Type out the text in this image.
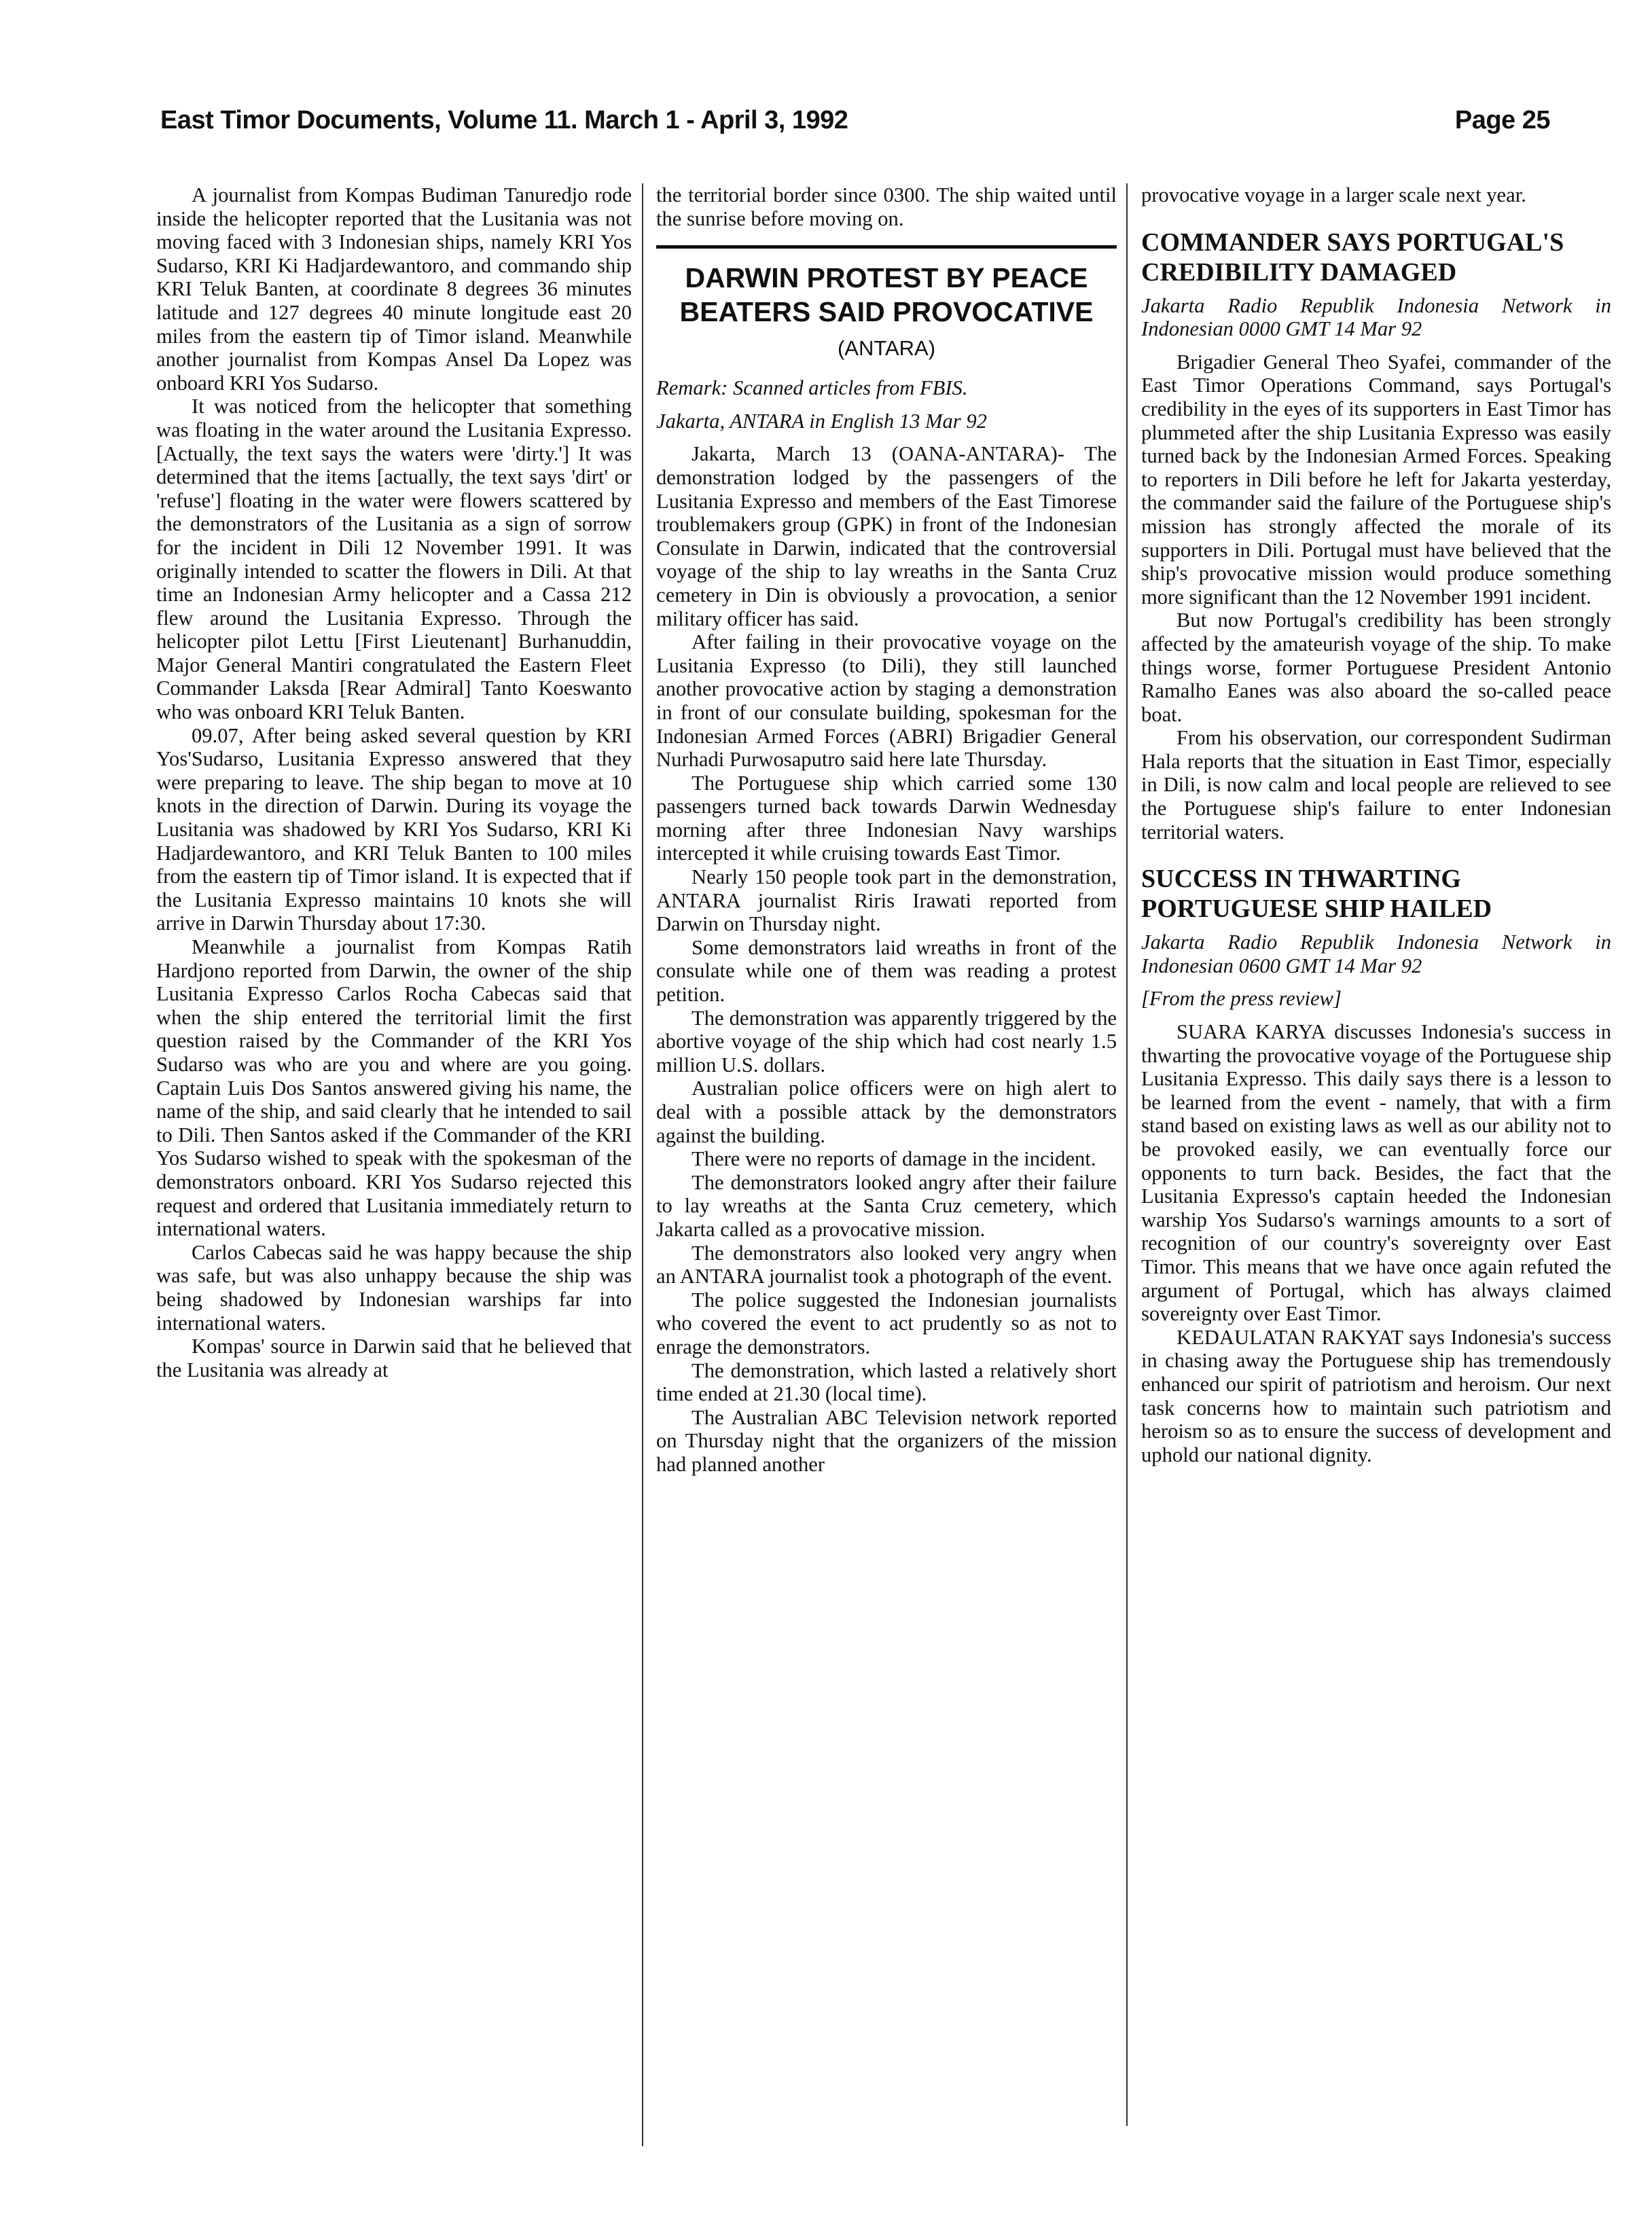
East Timor Documents, Volume 11. March 1 - April 3, 1992	Page 25

A journalist from Kompas Budiman Tanuredjo rode inside the helicopter reported that the Lusitania was not moving faced with 3 Indonesian ships, namely KRI Yos Sudarso, KRI Ki Hadjardewantoro, and commando ship KRI Teluk Banten, at coordinate 8 degrees 36 minutes latitude and 127 degrees 40 minute longitude east 20 miles from the eastern tip of Timor island. Meanwhile another journalist from Kompas Ansel Da Lopez was onboard KRI Yos Sudarso.

It was noticed from the helicopter that something was floating in the water around the Lusitania Expresso. [Actually, the text says the waters were 'dirty.'] It was determined that the items [actually, the text says 'dirt' or 'refuse'] floating in the water were flowers scattered by the demonstrators of the Lusitania as a sign of sorrow for the incident in Dili 12 November 1991. It was originally intended to scatter the flowers in Dili. At that time an Indonesian Army helicopter and a Cassa 212 flew around the Lusitania Expresso. Through the helicopter pilot Lettu [First Lieutenant] Burhanuddin, Major General Mantiri congratulated the Eastern Fleet Commander Laksda [Rear Admiral] Tanto Koeswanto who was onboard KRI Teluk Banten.

09.07, After being asked several question by KRI Yos'Sudarso, Lusitania Expresso answered that they were preparing to leave. The ship began to move at 10 knots in the direction of Darwin. During its voyage the Lusitania was shadowed by KRI Yos Sudarso, KRI Ki Hadjardewantoro, and KRI Teluk Banten to 100 miles from the eastern tip of Timor island. It is expected that if the Lusitania Expresso maintains 10 knots she will arrive in Darwin Thursday about 17:30.

Meanwhile a journalist from Kompas Ratih Hardjono reported from Darwin, the owner of the ship Lusitania Expresso Carlos Rocha Cabecas said that when the ship entered the territorial limit the first question raised by the Commander of the KRI Yos Sudarso was who are you and where are you going. Captain Luis Dos Santos answered giving his name, the name of the ship, and said clearly that he intended to sail to Dili. Then Santos asked if the Commander of the KRI Yos Sudarso wished to speak with the spokesman of the demonstrators onboard. KRI Yos Sudarso rejected this request and ordered that Lusitania immediately return to international waters.

Carlos Cabecas said he was happy because the ship was safe, but was also unhappy because the ship was being shadowed by Indonesian warships far into international waters.

Kompas' source in Darwin said that he believed that the Lusitania was already at

the territorial border since 0300. The ship waited until the sunrise before moving on.

DARWIN PROTEST BY PEACE BEATERS SAID PROVOCATIVE (ANTARA)

Remark: Scanned articles from FBIS.

Jakarta, ANTARA in English 13 Mar 92

Jakarta, March 13 (OANA-ANTARA)- The demonstration lodged by the passengers of the Lusitania Expresso and members of the East Timorese troublemakers group (GPK) in front of the Indonesian Consulate in Darwin, indicated that the controversial voyage of the ship to lay wreaths in the Santa Cruz cemetery in Din is obviously a provocation, a senior military officer has said.

After failing in their provocative voyage on the Lusitania Expresso (to Dili), they still launched another provocative action by staging a demonstration in front of our consulate building, spokesman for the Indonesian Armed Forces (ABRI) Brigadier General Nurhadi Purwosaputro said here late Thursday.

The Portuguese ship which carried some 130 passengers turned back towards Darwin Wednesday morning after three Indonesian Navy warships intercepted it while cruising towards East Timor.

Nearly 150 people took part in the demonstration, ANTARA journalist Riris Irawati reported from Darwin on Thursday night.

Some demonstrators laid wreaths in front of the consulate while one of them was reading a protest petition.

The demonstration was apparently triggered by the abortive voyage of the ship which had cost nearly 1.5 million U.S. dollars.

Australian police officers were on high alert to deal with a possible attack by the demonstrators against the building.

There were no reports of damage in the incident.

The demonstrators looked angry after their failure to lay wreaths at the Santa Cruz cemetery, which Jakarta called as a provocative mission.

The demonstrators also looked very angry when an ANTARA journalist took a photograph of the event.

The police suggested the Indonesian journalists who covered the event to act prudently so as not to enrage the demonstrators.

The demonstration, which lasted a relatively short time ended at 21.30 (local time).

The Australian ABC Television network reported on Thursday night that the organizers of the mission had planned another

provocative voyage in a larger scale next year.

COMMANDER SAYS PORTUGAL'S CREDIBILITY DAMAGED

Jakarta Radio Republik Indonesia Network in Indonesian 0000 GMT 14 Mar 92

Brigadier General Theo Syafei, commander of the East Timor Operations Command, says Portugal's credibility in the eyes of its supporters in East Timor has plummeted after the ship Lusitania Expresso was easily turned back by the Indonesian Armed Forces. Speaking to reporters in Dili before he left for Jakarta yesterday, the commander said the failure of the Portuguese ship's mission has strongly affected the morale of its supporters in Dili. Portugal must have believed that the ship's provocative mission would produce something more significant than the 12 November 1991 incident.

But now Portugal's credibility has been strongly affected by the amateurish voyage of the ship. To make things worse, former Portuguese President Antonio Ramalho Eanes was also aboard the so-called peace boat.

From his observation, our correspondent Sudirman Hala reports that the situation in East Timor, especially in Dili, is now calm and local people are relieved to see the Portuguese ship's failure to enter Indonesian territorial waters.

SUCCESS IN THWARTING PORTUGUESE SHIP HAILED

Jakarta Radio Republik Indonesia Network in Indonesian 0600 GMT 14 Mar 92

[From the press review]

SUARA KARYA discusses Indonesia's success in thwarting the provocative voyage of the Portuguese ship Lusitania Expresso. This daily says there is a lesson to be learned from the event - namely, that with a firm stand based on existing laws as well as our ability not to be provoked easily, we can eventually force our opponents to turn back. Besides, the fact that the Lusitania Expresso's captain heeded the Indonesian warship Yos Sudarso's warnings amounts to a sort of recognition of our country's sovereignty over East Timor. This means that we have once again refuted the argument of Portugal, which has always claimed sovereignty over East Timor.

KEDAULATAN RAKYAT says Indonesia's success in chasing away the Portuguese ship has tremendously enhanced our spirit of patriotism and heroism. Our next task concerns how to maintain such patriotism and heroism so as to ensure the success of development and uphold our national dignity.
